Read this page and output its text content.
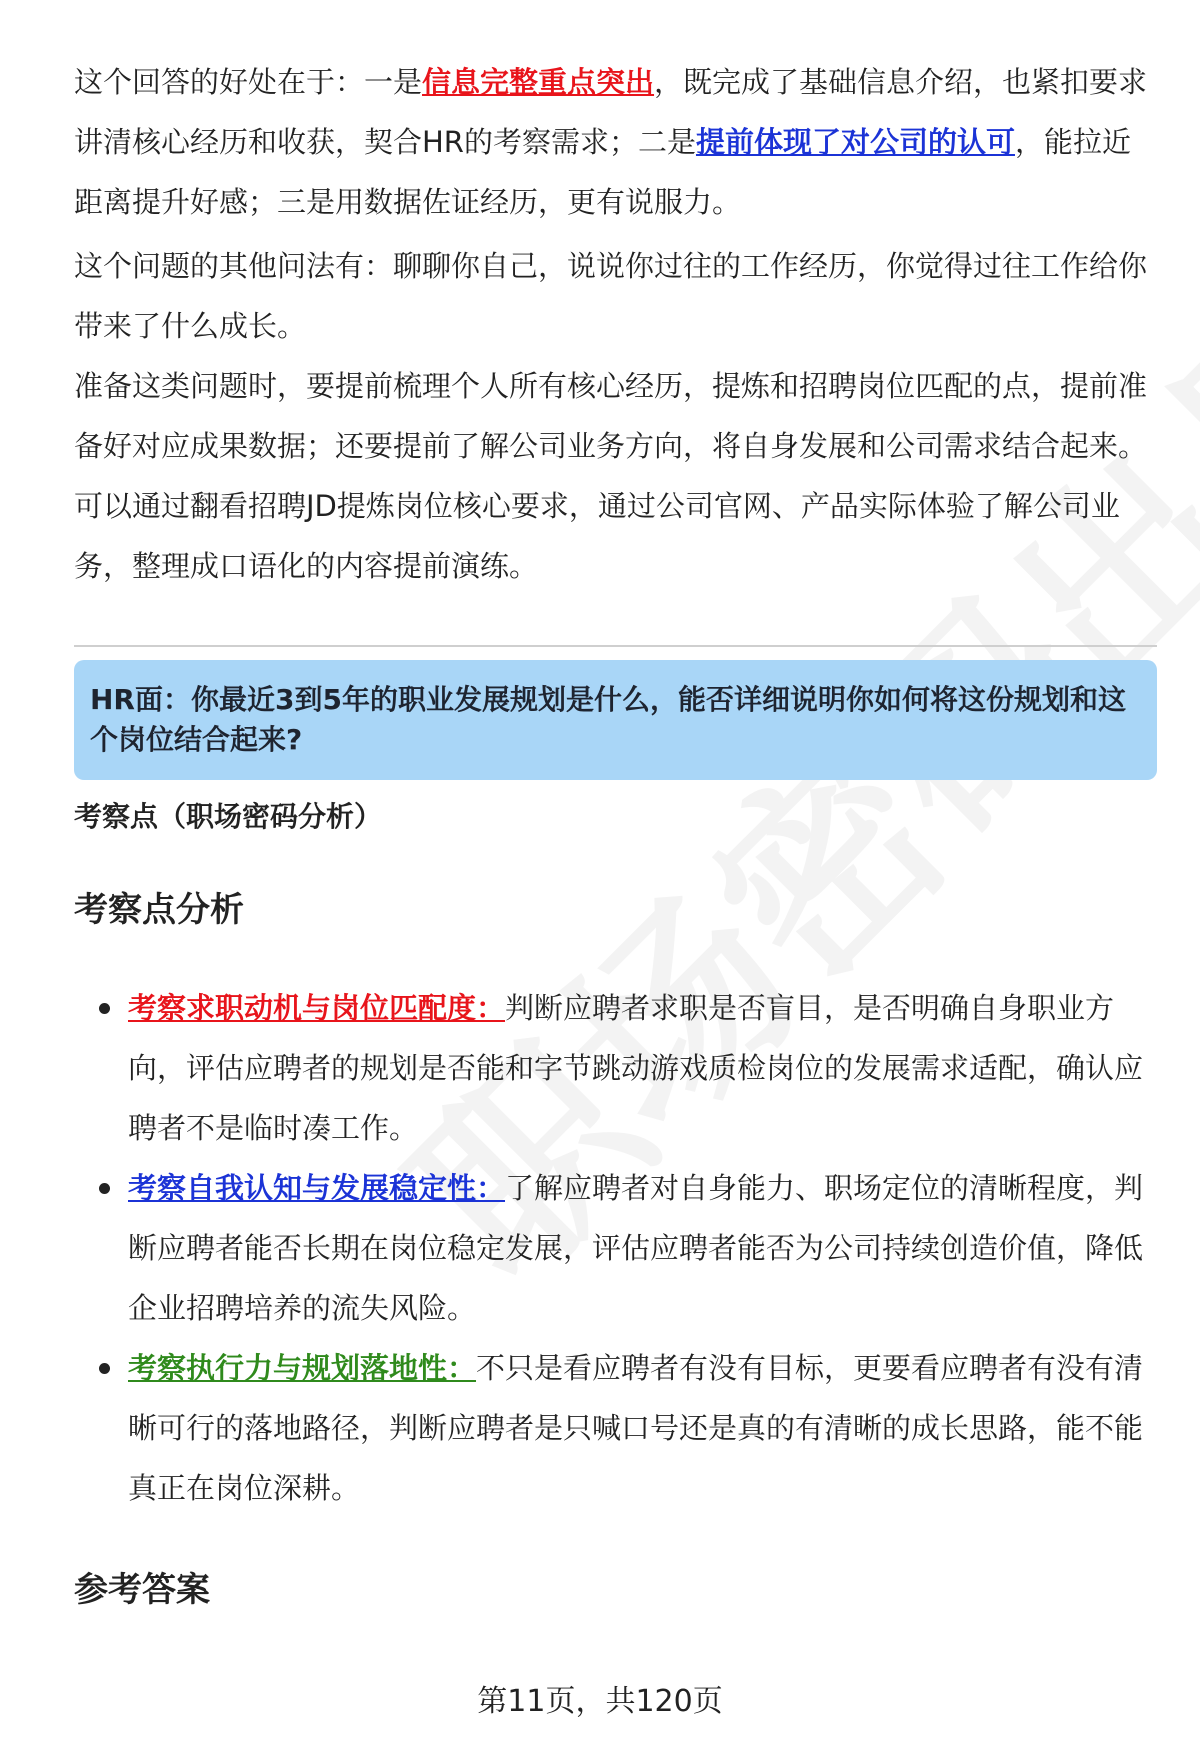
这个回答的好处在于：一是信息完整重点突出，既完成了基础信息介绍，也紧扣要求讲清核心经历和收获，契合HR的考察需求；二是提前体现了对公司的认可，能拉近距离提升好感；三是用数据佐证经历，更有说服力。

这个问题的其他问法有：聊聊你自己，说说你过往的工作经历，你觉得过往工作给你带来了什么成长。

准备这类问题时，要提前梳理个人所有核心经历，提炼和招聘岗位匹配的点，提前准备好对应成果数据；还要提前了解公司业务方向，将自身发展和公司需求结合起来。可以通过翻看招聘JD提炼岗位核心要求，通过公司官网、产品实际体验了解公司业务，整理成口语化的内容提前演练。

HR面：你最近3到5年的职业发展规划是什么，能否详细说明你如何将这份规划和这个岗位结合起来?
考察点（职场密码分析）
考察点分析
考察求职动机与岗位匹配度：判断应聘者求职是否盲目，是否明确自身职业方向，评估应聘者的规划是否能和字节跳动游戏质检岗位的发展需求适配，确认应聘者不是临时凑工作。
考察自我认知与发展稳定性：了解应聘者对自身能力、职场定位的清晰程度，判断应聘者能否长期在岗位稳定发展，评估应聘者能否为公司持续创造价值，降低企业招聘培养的流失风险。
考察执行力与规划落地性：不只是看应聘者有没有目标，更要看应聘者有没有清晰可行的落地路径，判断应聘者是只喊口号还是真的有清晰的成长思路，能不能真正在岗位深耕。
参考答案
第11页，共120页
